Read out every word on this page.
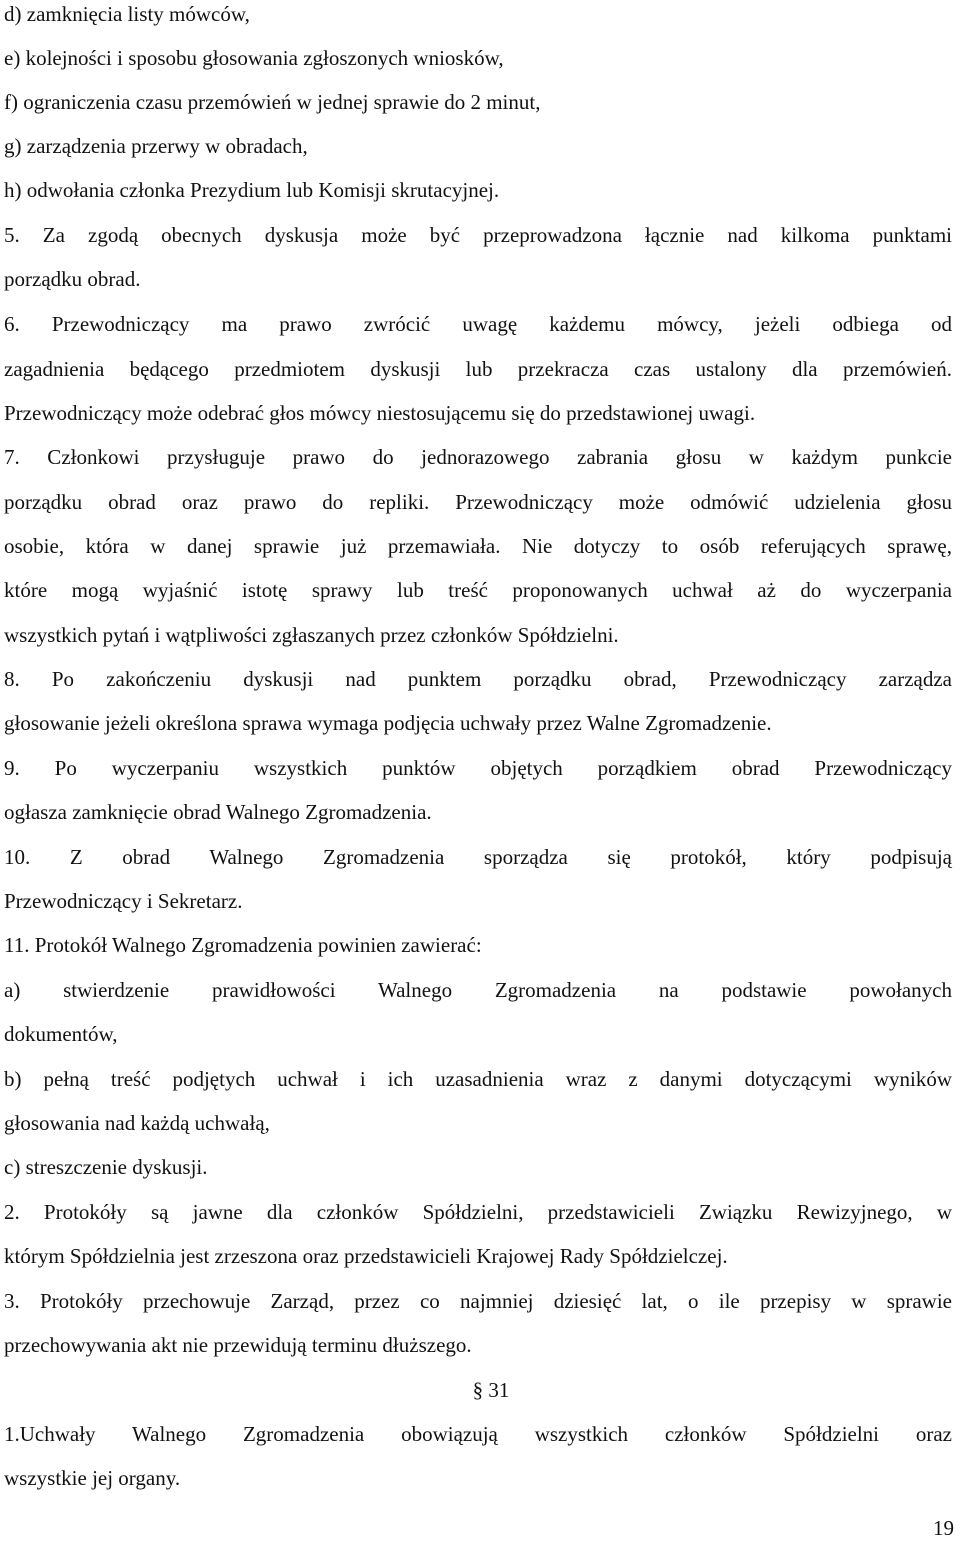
d) zamknięcia listy mówców,
e) kolejności i sposobu głosowania zgłoszonych wniosków,
f) ograniczenia czasu przemówień w jednej sprawie do 2 minut,
g) zarządzenia przerwy w obradach,
h) odwołania członka Prezydium lub Komisji skrutacyjnej.
5. Za zgodą obecnych dyskusja może być przeprowadzona łącznie nad kilkoma punktami
porządku obrad.
6. Przewodniczący ma prawo zwrócić uwagę każdemu mówcy, jeżeli odbiega od
zagadnienia będącego przedmiotem dyskusji lub przekracza czas ustalony dla przemówień.
Przewodniczący może odebrać głos mówcy niestosującemu się do przedstawionej uwagi.
7. Członkowi przysługuje prawo do jednorazowego zabrania głosu w każdym punkcie
porządku obrad oraz prawo do repliki. Przewodniczący może odmówić udzielenia głosu
osobie, która w danej sprawie już przemawiała. Nie dotyczy to osób referujących sprawę,
które mogą wyjaśnić istotę sprawy lub treść proponowanych uchwał aż do wyczerpania
wszystkich pytań i wątpliwości zgłaszanych przez członków Spółdzielni.
8. Po zakończeniu dyskusji nad punktem porządku obrad, Przewodniczący zarządza
głosowanie jeżeli określona sprawa wymaga podjęcia uchwały przez Walne Zgromadzenie.
9. Po wyczerpaniu wszystkich punktów objętych porządkiem obrad Przewodniczący
ogłasza zamknięcie obrad Walnego Zgromadzenia.
10. Z obrad Walnego Zgromadzenia sporządza się protokół, który podpisują
Przewodniczący i Sekretarz.
11. Protokół Walnego Zgromadzenia powinien zawierać:
a) stwierdzenie prawidłowości Walnego Zgromadzenia na podstawie powołanych
dokumentów,
b) pełną treść podjętych uchwał i ich uzasadnienia wraz z danymi dotyczącymi wyników
głosowania nad każdą uchwałą,
c) streszczenie dyskusji.
2. Protokóły są jawne dla członków Spółdzielni, przedstawicieli Związku Rewizyjnego, w
którym Spółdzielnia jest zrzeszona oraz przedstawicieli Krajowej Rady Spółdzielczej.
3. Protokóły przechowuje Zarząd, przez co najmniej dziesięć lat, o ile przepisy w sprawie
przechowywania akt nie przewidują terminu dłuższego.
§ 31
1.Uchwały Walnego Zgromadzenia obowiązują wszystkich członków Spółdzielni oraz
wszystkie jej organy.
19
